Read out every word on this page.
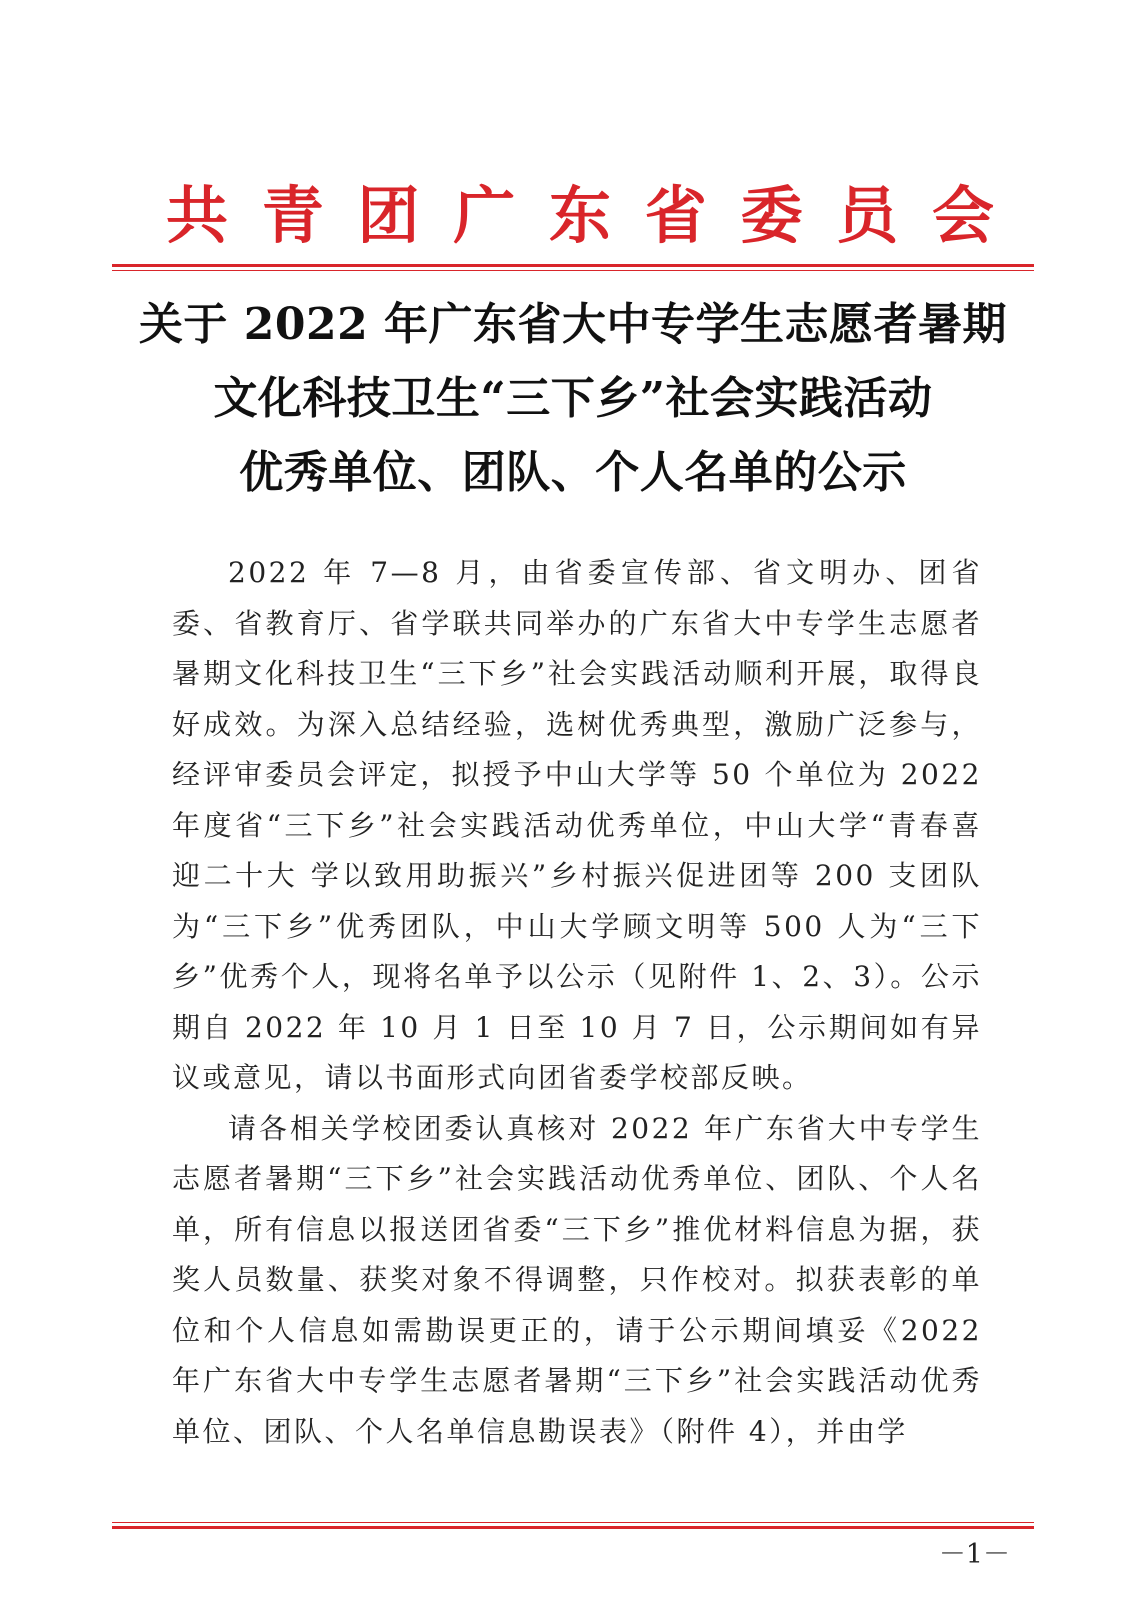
共 青 团 广 东 省 委 员 会
关于 2022 年广东省大中专学生志愿者暑期
文化科技卫生“三下乡”社会实践活动
优秀单位、团队、个人名单的公示

2022 年 7—8 月，由省委宣传部、省文明办、团省委、省教育厅、省学联共同举办的广东省大中专学生志愿者暑期文化科技卫生“三下乡”社会实践活动顺利开展，取得良好成效。为深入总结经验，选树优秀典型，激励广泛参与，经评审委员会评定，拟授予中山大学等 50 个单位为 2022 年度省“三下乡”社会实践活动优秀单位，中山大学“青春喜迎二十大 学以致用助振兴”乡村振兴促进团等 200 支团队为“三下乡”优秀团队，中山大学顾文明等 500 人为“三下乡”优秀个人，现将名单予以公示（见附件 1、2、3）。公示期自 2022 年 10 月 1 日至 10 月 7 日，公示期间如有异议或意见，请以书面形式向团省委学校部反映。

请各相关学校团委认真核对 2022 年广东省大中专学生志愿者暑期“三下乡”社会实践活动优秀单位、团队、个人名单，所有信息以报送团省委“三下乡”推优材料信息为据，获奖人员数量、获奖对象不得调整，只作校对。拟获表彰的单位和个人信息如需勘误更正的，请于公示期间填妥《2022 年广东省大中专学生志愿者暑期“三下乡”社会实践活动优秀单位、团队、个人名单信息勘误表》（附件 4），并由学

－1－
